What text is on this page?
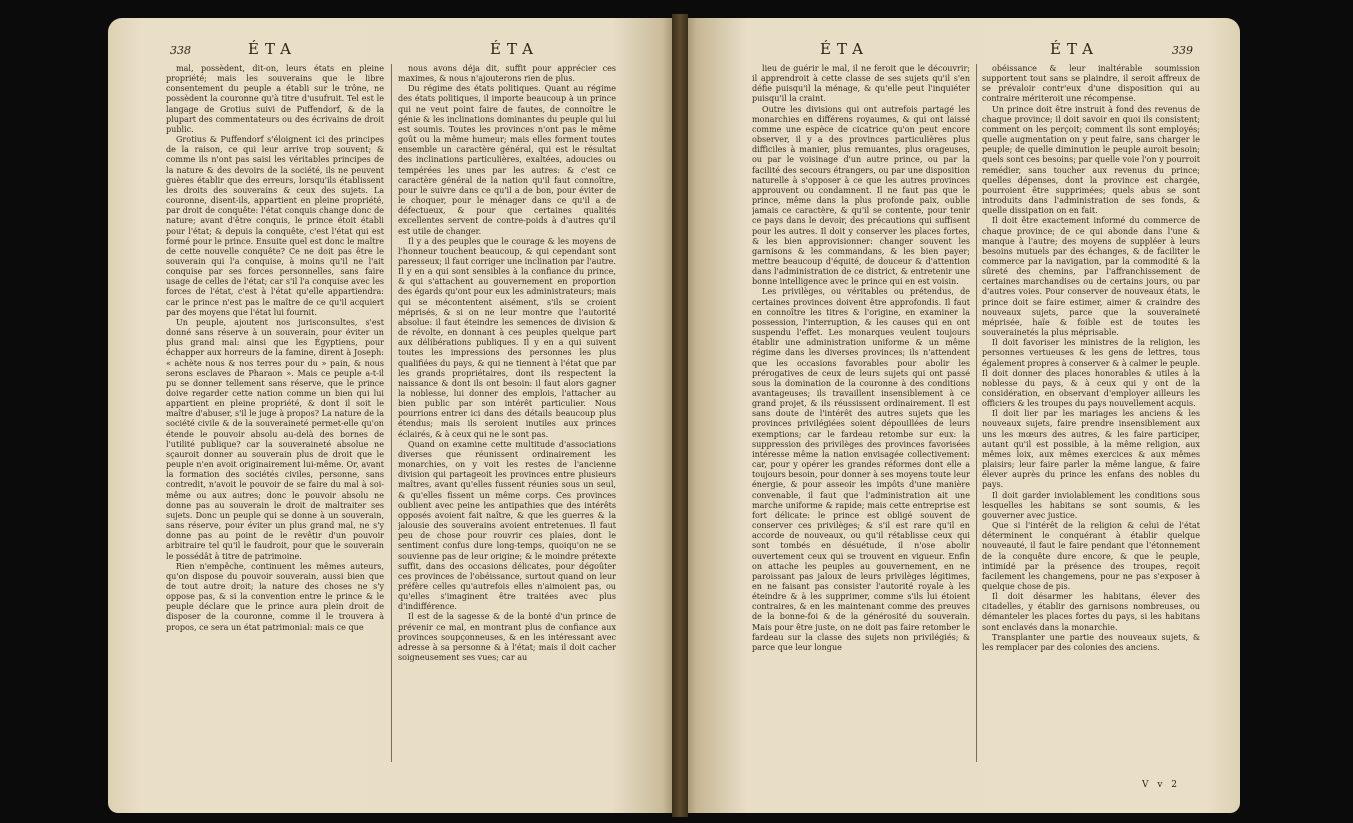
338	ÉTA	ÉTA	ÉTA	ÉTA	339

mal, possèdent, dit-on, leurs états en pleine propriété; mais les souverains que le libre consentement du peuple a établi sur le trône, ne possèdent la couronne qu'à titre d'usufruit. Tel est le langage de Grotius suivi de Puffendorf, & de la plupart des commentateurs ou des écrivains de droit public.

Grotius & Puffendorf s'éloignent ici des principes de la raison, ce qui leur arrive trop souvent; & comme ils n'ont pas saisi les véritables principes de la nature & des devoirs de la société, ils ne peuvent guères établir que des erreurs, lorsqu'ils établissent les droits des souverains & ceux des sujets. La couronne, disent-ils, appartient en pleine propriété, par droit de conquête: l'état conquis change donc de nature; avant d'être conquis, le prince étoit établi pour l'état; & depuis la conquête, c'est l'état qui est formé pour le prince. Ensuite quel est donc le maître de cette nouvelle conquête? Ce ne doit pas être le souverain qui l'a conquise, à moins qu'il ne l'ait conquise par ses forces personnelles, sans faire usage de celles de l'état; car s'il l'a conquise avec les forces de l'état, c'est à l'état qu'elle appartiendra: car le prince n'est pas le maître de ce qu'il acquiert par des moyens que l'état lui fournit.

Un peuple, ajoutent nos jurisconsultes, s'est donné sans réserve à un souverain, pour éviter un plus grand mal: ainsi que les Égyptiens, pour échapper aux horreurs de la famine, dirent à Joseph: « achète nous & nos terres pour du » pain, & nous serons esclaves de Pharaon ». Mais ce peuple a-t-il pu se donner tellement sans réserve, que le prince doive regarder cette nation comme un bien qui lui appartient en pleine propriété, & dont il soit le maître d'abuser, s'il le juge à propos? La nature de la société civile & de la souveraineté permet-elle qu'on étende le pouvoir absolu au-delà des bornes de l'utilité publique? car la souveraineté absolue ne sçauroit donner au souverain plus de droit que le peuple n'en avoit originairement lui-même. Or, avant la formation des sociétés civiles, personne, sans contredit, n'avoit le pouvoir de se faire du mal à soi-même ou aux autres; donc le pouvoir absolu ne donne pas au souverain le droit de maltraiter ses sujets. Donc un peuple qui se donne à un souverain, sans réserve, pour éviter un plus grand mal, ne s'y donne pas au point de le revêtir d'un pouvoir arbitraire tel qu'il le faudroit, pour que le souverain le possédât à titre de patrimoine.

Rien n'empêche, continuent les mêmes auteurs, qu'on dispose du pouvoir souverain, aussi bien que de tout autre droit; la nature des choses ne s'y oppose pas, & si la convention entre le prince & le peuple déclare que le prince aura plein droit de disposer de la couronne, comme il le trouvera à propos, ce sera un état patrimonial: mais ce que

nous avons déja dit, suffit pour apprécier ces maximes, & nous n'ajouterons rien de plus.

Du régime des états politiques. Quant au régime des états politiques, il importe beaucoup à un prince qui ne veut point faire de fautes, de connoître le génie & les inclinations dominantes du peuple qui lui est soumis. Toutes les provinces n'ont pas le même goût ou la même humeur; mais elles forment toutes ensemble un caractère général, qui est le résultat des inclinations particulières, exaltées, adoucies ou tempérées les unes par les autres: & c'est ce caractère général de la nation qu'il faut connoître, pour le suivre dans ce qu'il a de bon, pour éviter de le choquer, pour le ménager dans ce qu'il a de défectueux, & pour que certaines qualités excellentes servent de contre-poids à d'autres qu'il est utile de changer.

Il y a des peuples que le courage & les moyens de l'honneur touchent beaucoup, & qui cependant sont paresseux; il faut corriger une inclination par l'autre. Il y en a qui sont sensibles à la confiance du prince, & qui s'attachent au gouvernement en proportion des égards qu'ont pour eux les administrateurs; mais qui se mécontentent aisément, s'ils se croient méprisés, & si on ne leur montre que l'autorité absolue: il faut éteindre les semences de division & de révolte, en donnant à ces peuples quelque part aux délibérations publiques. Il y en a qui suivent toutes les impressions des personnes les plus qualifiées du pays, & qui ne tiennent à l'état que par les grands propriétaires, dont ils respectent la naissance & dont ils ont besoin: il faut alors gagner la noblesse, lui donner des emplois, l'attacher au bien public par son intérêt particulier. Nous pourrions entrer ici dans des détails beaucoup plus étendus; mais ils seroient inutiles aux princes éclairés, & à ceux qui ne le sont pas.

Quand on examine cette multitude d'associations diverses que réunissent ordinairement les monarchies, on y voit les restes de l'ancienne division qui partageoit les provinces entre plusieurs maîtres, avant qu'elles fussent réunies sous un seul, & qu'elles fissent un même corps. Ces provinces oublient avec peine les antipathies que des intérêts opposés avoient fait naître, & que les guerres & la jalousie des souverains avoient entretenues. Il faut peu de chose pour rouvrir ces plaies, dont le sentiment confus dure long-temps, quoiqu'on ne se souvienne pas de leur origine; & le moindre prétexte suffit, dans des occasions délicates, pour dégoûter ces provinces de l'obéissance, surtout quand on leur préfère celles qu'autrefois elles n'aimoient pas, ou qu'elles s'imaginent être traitées avec plus d'indifférence.

Il est de la sagesse & de la bonté d'un prince de prévenir ce mal, en montrant plus de confiance aux provinces soupçonneuses, & en les intéressant avec adresse à sa personne & à l'état; mais il doit cacher soigneusement ses vues; car au

lieu de guérir le mal, il ne feroit que le découvrir; il apprendroit à cette classe de ses sujets qu'il s'en défie puisqu'il la ménage, & qu'elle peut l'inquiéter puisqu'il la craint.

Outre les divisions qui ont autrefois partagé les monarchies en différens royaumes, & qui ont laissé comme une espèce de cicatrice qu'on peut encore observer, il y a des provinces particulières plus difficiles à manier, plus remuantes, plus orageuses, ou par le voisinage d'un autre prince, ou par la facilité des secours étrangers, ou par une disposition naturelle à s'opposer à ce que les autres provinces approuvent ou condamnent. Il ne faut pas que le prince, même dans la plus profonde paix, oublie jamais ce caractère, & qu'il se contente, pour tenir ce pays dans le devoir, des précautions qui suffisent pour les autres. Il doit y conserver les places fortes, & les bien approvisionner: changer souvent les garnisons & les commandans, & les bien payer; mettre beaucoup d'équité, de douceur & d'attention dans l'administration de ce district, & entretenir une bonne intelligence avec le prince qui en est voisin.

Les privilèges, ou véritables ou prétendus, de certaines provinces doivent être approfondis. Il faut en connoître les titres & l'origine, en examiner la possession, l'interruption, & les causes qui en ont suspendu l'effet. Les monarques veulent toujours établir une administration uniforme & un même régime dans les diverses provinces; ils n'attendent que les occasions favorables pour abolir les prérogatives de ceux de leurs sujets qui ont passé sous la domination de la couronne à des conditions avantageuses; ils travaillent insensiblement à ce grand projet, & ils réussissent ordinairement. Il est sans doute de l'intérêt des autres sujets que les provinces privilégiées soient dépouillées de leurs exemptions; car le fardeau retombe sur eux: la suppression des privilèges des provinces favorisées intéresse même la nation envisagée collectivement: car, pour y opérer les grandes réformes dont elle a toujours besoin, pour donner à ses moyens toute leur énergie, & pour asseoir les impôts d'une manière convenable, il faut que l'administration ait une marche uniforme & rapide; mais cette entreprise est fort délicate: le prince est obligé souvent de conserver ces privilèges; & s'il est rare qu'il en accorde de nouveaux, ou qu'il rétablisse ceux qui sont tombés en désuétude, il n'ose abolir ouvertement ceux qui se trouvent en vigueur. Enfin on attache les peuples au gouvernement, en ne paroissant pas jaloux de leurs privilèges légitimes, en ne faisant pas consister l'autorité royale à les éteindre & à les supprimer, comme s'ils lui étoient contraires, & en les maintenant comme des preuves de la bonne-foi & de la générosité du souverain. Mais pour être juste, on ne doit pas faire retomber le fardeau sur la classe des sujets non privilégiés; & parce que leur longue

obéissance & leur inaltérable soumission supportent tout sans se plaindre, il seroit affreux de se prévaloir contr'eux d'une disposition qui au contraire mériteroit une récompense.

Un prince doit être instruit à fond des revenus de chaque province; il doit savoir en quoi ils consistent; comment on les perçoit; comment ils sont employés; quelle augmentation on y peut faire, sans charger le peuple; de quelle diminution le peuple auroit besoin; quels sont ces besoins; par quelle voie l'on y pourroit remédier, sans toucher aux revenus du prince; quelles dépenses, dont la province est chargée, pourroient être supprimées; quels abus se sont introduits dans l'administration de ses fonds, & quelle dissipation on en fait.

Il doit être exactement informé du commerce de chaque province; de ce qui abonde dans l'une & manque à l'autre; des moyens de suppléer à leurs besoins mutuels par des échanges, & de faciliter le commerce par la navigation, par la commodité & la sûreté des chemins, par l'affranchissement de certaines marchandises ou de certains jours, ou par d'autres voies. Pour conserver de nouveaux états, le prince doit se faire estimer, aimer & craindre des nouveaux sujets, parce que la souveraineté méprisée, haïe & foible est de toutes les souverainetés la plus méprisable.

Il doit favoriser les ministres de la religion, les personnes vertueuses & les gens de lettres, tous également propres à conserver & à calmer le peuple. Il doit donner des places honorables & utiles à la noblesse du pays, & à ceux qui y ont de la considération, en observant d'employer ailleurs les officiers & les troupes du pays nouvellement acquis.

Il doit lier par les mariages les anciens & les nouveaux sujets, faire prendre insensiblement aux uns les mœurs des autres, & les faire participer, autant qu'il est possible, à la même religion, aux mêmes loix, aux mêmes exercices & aux mêmes plaisirs; leur faire parler la même langue, & faire élever auprès du prince les enfans des nobles du pays.

Il doit garder inviolablement les conditions sous lesquelles les habitans se sont soumis, & les gouverner avec justice.

Que si l'intérêt de la religion & celui de l'état déterminent le conquérant à établir quelque nouveauté, il faut le faire pendant que l'étonnement de la conquête dure encore, & que le peuple, intimidé par la présence des troupes, reçoit facilement les changemens, pour ne pas s'exposer à quelque chose de pis.

Il doit désarmer les habitans, élever des citadelles, y établir des garnisons nombreuses, ou démanteler les places fortes du pays, si les habitans sont enclavés dans la monarchie.

Transplanter une partie des nouveaux sujets, & les remplacer par des colonies des anciens.

V v 2
